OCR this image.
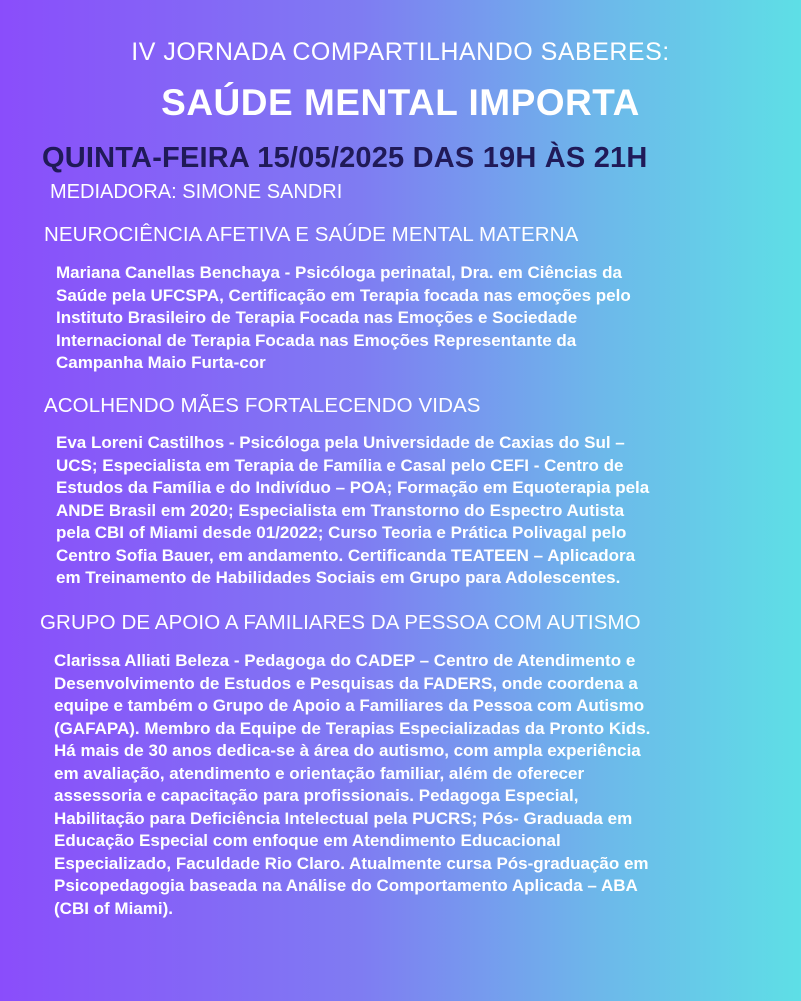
IV JORNADA COMPARTILHANDO SABERES:
SAÚDE MENTAL IMPORTA

QUINTA-FEIRA 15/05/2025 DAS 19H ÀS 21H

MEDIADORA: SIMONE SANDRI

NEUROCIÊNCIA AFETIVA E SAÚDE MENTAL MATERNA
Mariana Canellas Benchaya - Psicóloga perinatal, Dra. em Ciências da
Saúde pela UFCSPA, Certificação em Terapia focada nas emoções pelo
Instituto Brasileiro de Terapia Focada nas Emoções e Sociedade
Internacional de Terapia Focada nas Emoções Representante da
Campanha Maio Furta-cor
ACOLHENDO MÃES FORTALECENDO VIDAS
Eva Loreni Castilhos - Psicóloga pela Universidade de Caxias do Sul –
UCS; Especialista em Terapia de Família e Casal pelo CEFI - Centro de
Estudos da Família e do Indivíduo – POA; Formação em Equoterapia pela
ANDE Brasil em 2020; Especialista em Transtorno do Espectro Autista
pela CBI of Miami desde 01/2022; Curso Teoria e Prática Polivagal pelo
Centro Sofia Bauer, em andamento. Certificanda TEATEEN – Aplicadora
em Treinamento de Habilidades Sociais em Grupo para Adolescentes.
GRUPO DE APOIO A FAMILIARES DA PESSOA COM AUTISMO
Clarissa Alliati Beleza - Pedagoga do CADEP – Centro de Atendimento e
Desenvolvimento de Estudos e Pesquisas da FADERS, onde coordena a
equipe e também o Grupo de Apoio a Familiares da Pessoa com Autismo
(GAFAPA). Membro da Equipe de Terapias Especializadas da Pronto Kids.
Há mais de 30 anos dedica-se à área do autismo, com ampla experiência
em avaliação, atendimento e orientação familiar, além de oferecer
assessoria e capacitação para profissionais. Pedagoga Especial,
Habilitação para Deficiência Intelectual pela PUCRS; Pós- Graduada em
Educação Especial com enfoque em Atendimento Educacional
Especializado, Faculdade Rio Claro. Atualmente cursa Pós-graduação em
Psicopedagogia baseada na Análise do Comportamento Aplicada – ABA
(CBI of Miami).
